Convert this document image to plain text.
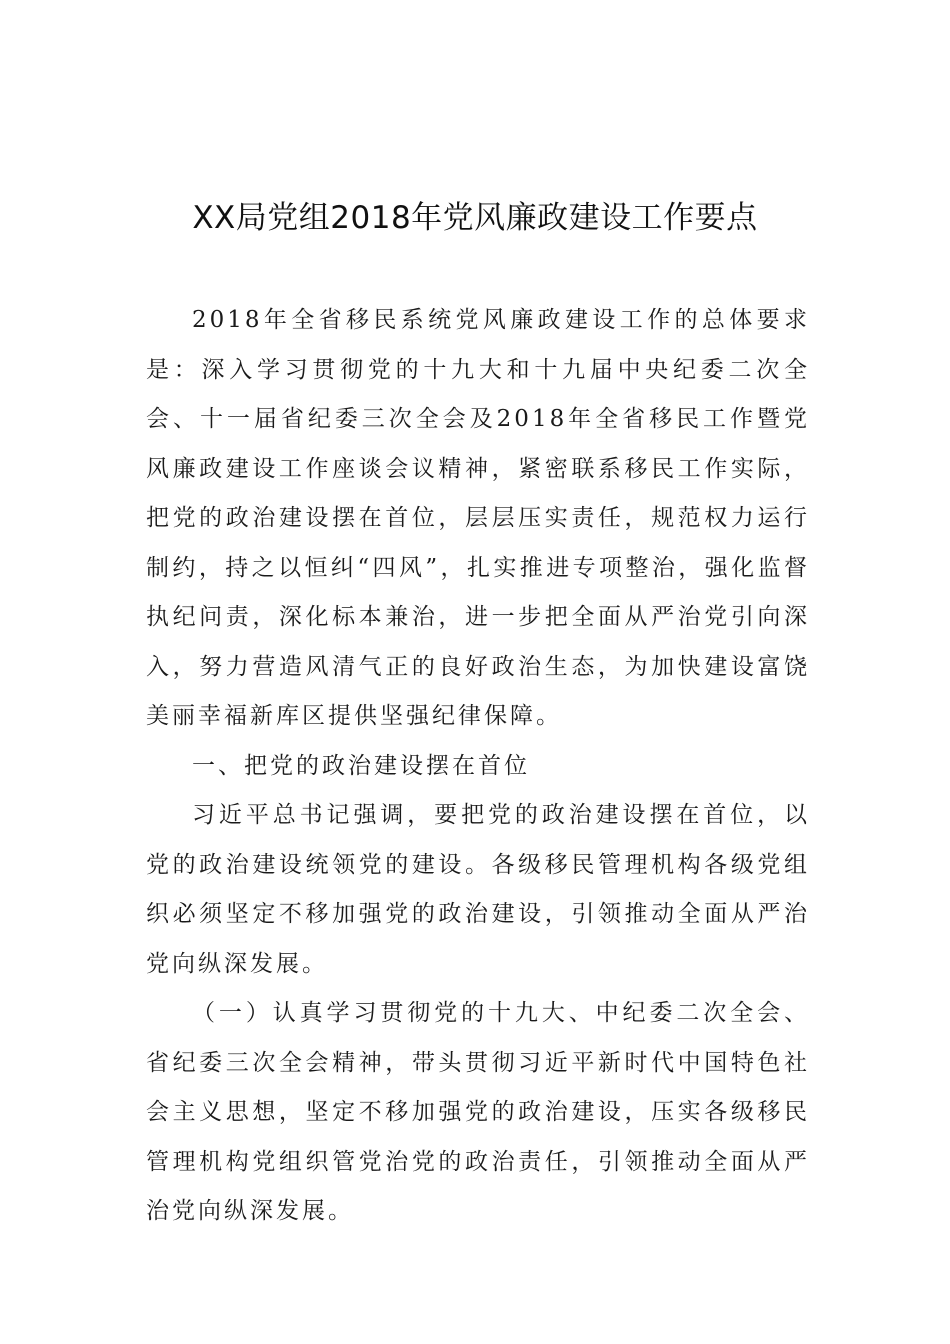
XX局党组2018年党风廉政建设工作要点

2018年全省移民系统党风廉政建设工作的总体要求是：深入学习贯彻党的十九大和十九届中央纪委二次全会、十一届省纪委三次全会及2018年全省移民工作暨党风廉政建设工作座谈会议精神，紧密联系移民工作实际，把党的政治建设摆在首位，层层压实责任，规范权力运行制约，持之以恒纠“四风”，扎实推进专项整治，强化监督执纪问责，深化标本兼治，进一步把全面从严治党引向深入，努力营造风清气正的良好政治生态，为加快建设富饶美丽幸福新库区提供坚强纪律保障。

一、把党的政治建设摆在首位

习近平总书记强调，要把党的政治建设摆在首位，以党的政治建设统领党的建设。各级移民管理机构各级党组织必须坚定不移加强党的政治建设，引领推动全面从严治党向纵深发展。

（一）认真学习贯彻党的十九大、中纪委二次全会、省纪委三次全会精神，带头贯彻习近平新时代中国特色社会主义思想，坚定不移加强党的政治建设，压实各级移民管理机构党组织管党治党的政治责任，引领推动全面从严治党向纵深发展。
